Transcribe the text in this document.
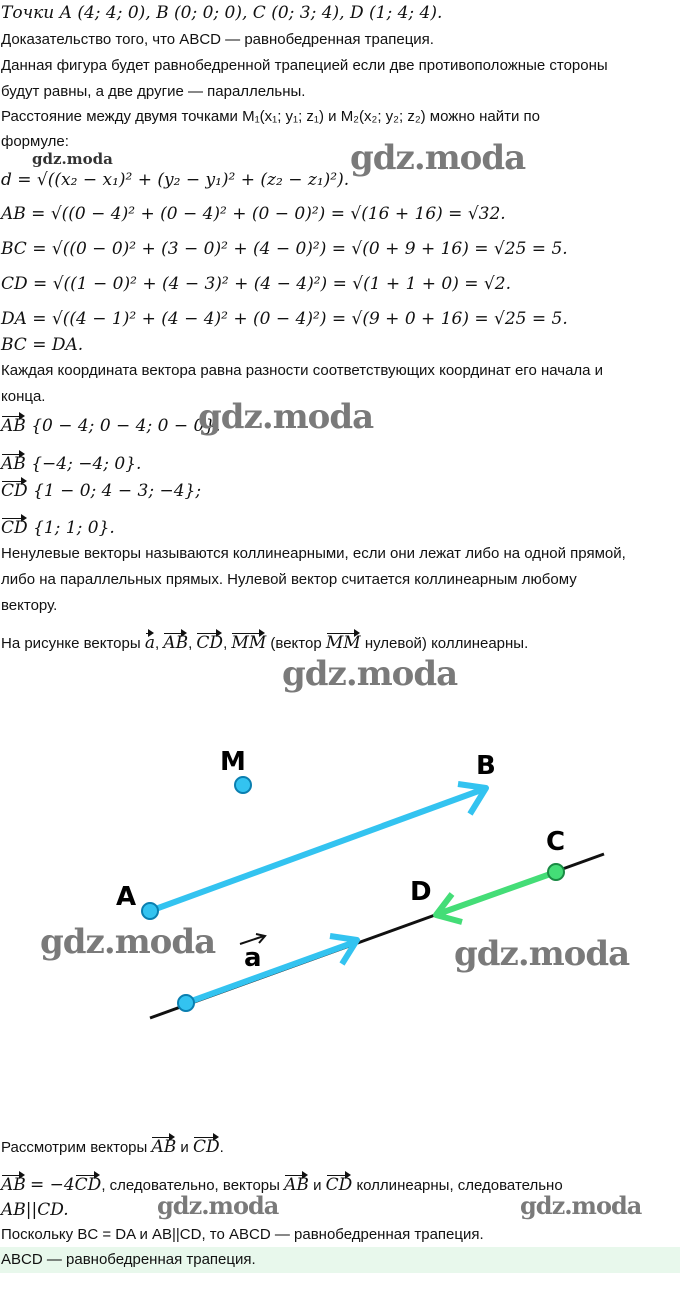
Точки A (4; 4; 0), B (0; 0; 0), C (0; 3; 4), D (1; 4; 4).
Доказательство того, что ABCD — равнобедренная трапеция.
Данная фигура будет равнобедренной трапецией если две противоположные стороны
будут равны, а две другие — параллельны.
Расстояние между двумя точками M₁(x₁; y₁; z₁) и M₂(x₂; y₂; z₂) можно найти по
формуле:
d = √((x₂ − x₁)² + (y₂ − y₁)² + (z₂ − z₁)²).
AB = √((0 − 4)² + (0 − 4)² + (0 − 0)²) = √(16 + 16) = √32.
BC = √((0 − 0)² + (3 − 0)² + (4 − 0)²) = √(0 + 9 + 16) = √25 = 5.
CD = √((1 − 0)² + (4 − 3)² + (4 − 4)²) = √(1 + 1 + 0) = √2.
DA = √((4 − 1)² + (4 − 4)² + (0 − 4)²) = √(9 + 0 + 16) = √25 = 5.
BC = DA.
Каждая координата вектора равна разности соответствующих координат его начала и
конца.
AB {0 − 4; 0 − 4; 0 − 0}.
AB {−4; −4; 0}.
CD {1 − 0; 4 − 3; −4};
CD {1; 1; 0}.
Ненулевые векторы называются коллинеарными, если они лежат либо на одной прямой,
либо на параллельных прямых. Нулевой вектор считается коллинеарным любому
вектору.
На рисунке векторы a, AB, CD, MM (вектор MM нулевой) коллинеарны.
M	B
A
C
D
a
Рассмотрим векторы AB и CD.
AB = −4CD, следовательно, векторы AB и CD коллинеарны, следовательно
AB||CD.
Поскольку BC = DA и AB||CD, то ABCD — равнобедренная трапеция.
ABCD — равнобедренная трапеция.
gdz.moda	gdz.moda
gdz.moda
gdz.moda
gdz.moda	gdz.moda
gdz.moda	gdz.moda
